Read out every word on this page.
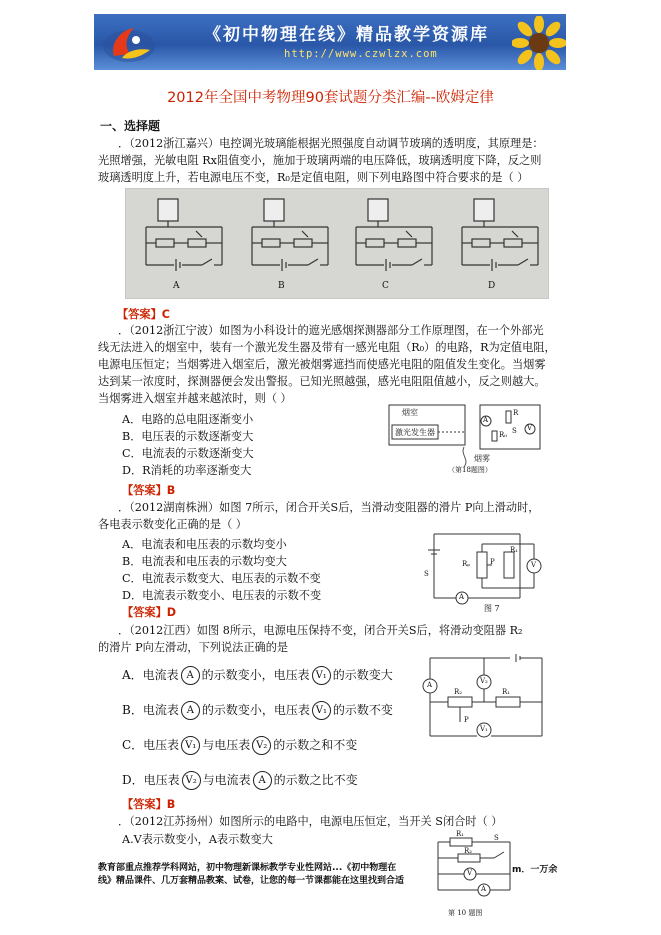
《初中物理在线》精品教学资源库
http://www.czwlzx.com
2012年全国中考物理90套试题分类汇编--欧姆定律
一、选择题
．（2012浙江嘉兴）电控调光玻璃能根据光照强度自动调节玻璃的透明度，其原理是：
光照增强，光敏电阻 Rx阻值变小，施加于玻璃两端的电压降低，玻璃透明度下降，反之则
玻璃透明度上升，若电源电压不变，R₀是定值电阻，则下列电路图中符合要求的是（ ）
A	B	C	D
【答案】C
．（2012浙江宁波）如图为小科设计的遮光感烟探测器部分工作原理图，在一个外部光
线无法进入的烟室中，装有一个激光发生器及带有一感光电阻（R₀）的电路，R为定值电阻，
电源电压恒定；当烟雾进入烟室后，激光被烟雾遮挡而使感光电阻的阻值发生变化。当烟雾
达到某一浓度时，探测器便会发出警报。已知光照越强，感光电阻阻值越小，反之则越大。
当烟雾进入烟室并越来越浓时，则（ ）
A．电路的总电阻逐渐变小
B．电压表的示数逐渐变大
C．电流表的示数逐渐变大
D．R消耗的功率逐渐变大
【答案】B
烟室
激光发生器
A
V
R
R₀ S
烟雾
（第18题图）
．（2012湖南株洲）如图 7所示，闭合开关S后，当滑动变阻器的滑片 P向上滑动时，
各电表示数变化正确的是（ ）
A．电流表和电压表的示数均变小
B．电流表和电压表的示数均变大
C．电流表示数变大、电压表的示数不变
D．电流表示数变小、电压表的示数不变
【答案】D
Rₚ	P
R₁
S
A
V
图 7
．（2012江西）如图 8所示，电源电压保持不变，闭合开关S后，将滑动变阻器 R₂
的滑片 P向左滑动，下列说法正确的是
A．电流表 A 的示数变小，电压表 V₁ 的示数变大
B．电流表 A 的示数变小，电压表 V₁ 的示数不变
C．电压表 V₁ 与电压表 V₂ 的示数之和不变
D．电压表 V₂ 与电流表 A 的示数之比不变
【答案】B
A	V₂
V₁
R₂	R₁
P
．（2012江苏扬州）如图所示的电路中，电源电压恒定，当开关 S闭合时（ ）
A.V表示数变小，A表示数变大	R₁
R₂
S
V
A
第 10 题图
教育部重点推荐学科网站，初中物理新课标教学专业性网站...《初中物理在
线》精品课件、几万套精品教案、试卷，让您的每一节课都能在这里找到合适
m．一万余
